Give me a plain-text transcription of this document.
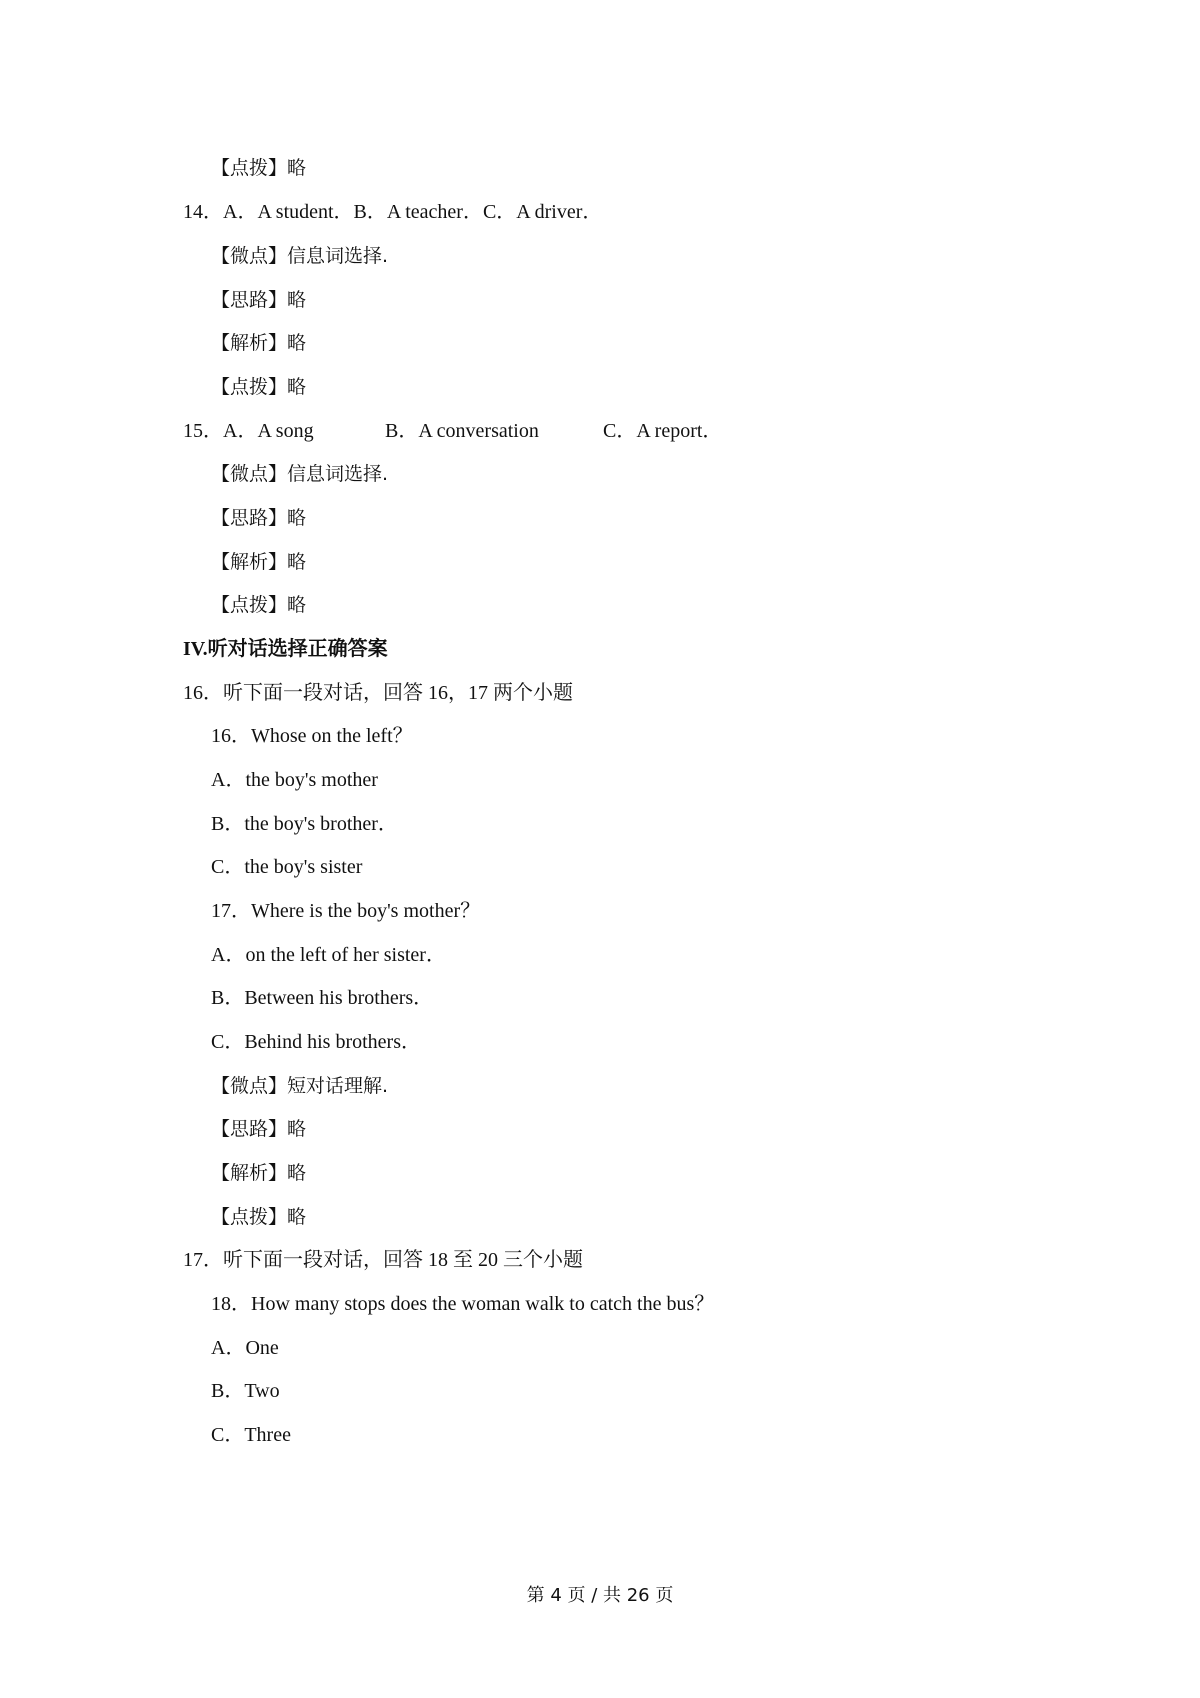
【点拨】略
14．A．A student．B．A teacher．C．A driver．
【微点】信息词选择.
【思路】略
【解析】略
【点拨】略
15．A．A song	B．A conversation	C．A report．
【微点】信息词选择.
【思路】略
【解析】略
【点拨】略
IV.听对话选择正确答案
16．听下面一段对话，回答 16，17 两个小题
16．Whose on the left？
A．the boy's mother
B．the boy's brother．
C．the boy's sister
17．Where is the boy's mother？
A．on the left of her sister．
B．Between his brothers．
C．Behind his brothers．
【微点】短对话理解.
【思路】略
【解析】略
【点拨】略
17．听下面一段对话，回答 18 至 20 三个小题
18．How many stops does the woman walk to catch the bus？
A．One
B．Two
C．Three
第 4 页 / 共 26 页
